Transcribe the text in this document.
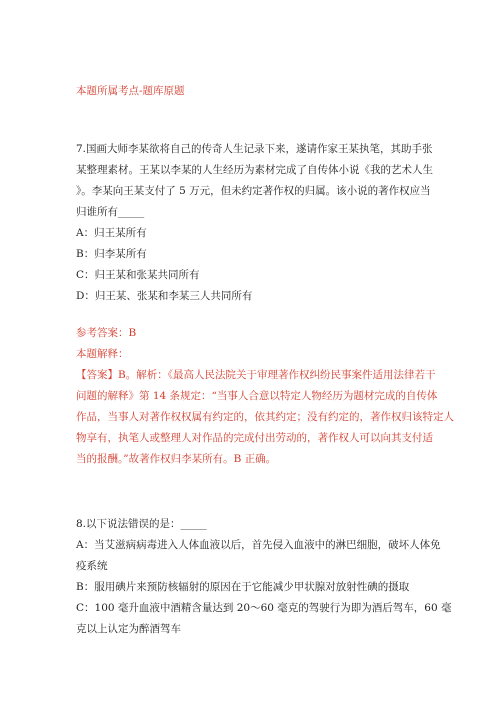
本题所属考点-题库原题
7.国画大师李某欲将自己的传奇人生记录下来，遂请作家王某执笔，其助手张
某整理素材。王某以李某的人生经历为素材完成了自传体小说《我的艺术人生
》。李某向王某支付了 5 万元，但未约定著作权的归属。该小说的著作权应当
归谁所有_____
A：归王某所有
B：归李某所有
C：归王某和张某共同所有
D：归王某、张某和李某三人共同所有
参考答案：B
本题解释：
【答案】B。解析：《最高人民法院关于审理著作权纠纷民事案件适用法律若干
问题的解释》第 14 条规定：“当事人合意以特定人物经历为题材完成的自传体
作品，当事人对著作权权属有约定的，依其约定；没有约定的，著作权归该特定人
物享有，执笔人或整理人对作品的完成付出劳动的，著作权人可以向其支付适
当的报酬。”故著作权归李某所有。B 正确。
8.以下说法错误的是：_____
A：当艾滋病病毒进入人体血液以后，首先侵入血液中的淋巴细胞，破坏人体免
疫系统
B：服用碘片来预防核辐射的原因在于它能减少甲状腺对放射性碘的摄取
C：100 毫升血液中酒精含量达到 20～60 毫克的驾驶行为即为酒后驾车，60 毫
克以上认定为醉酒驾车
